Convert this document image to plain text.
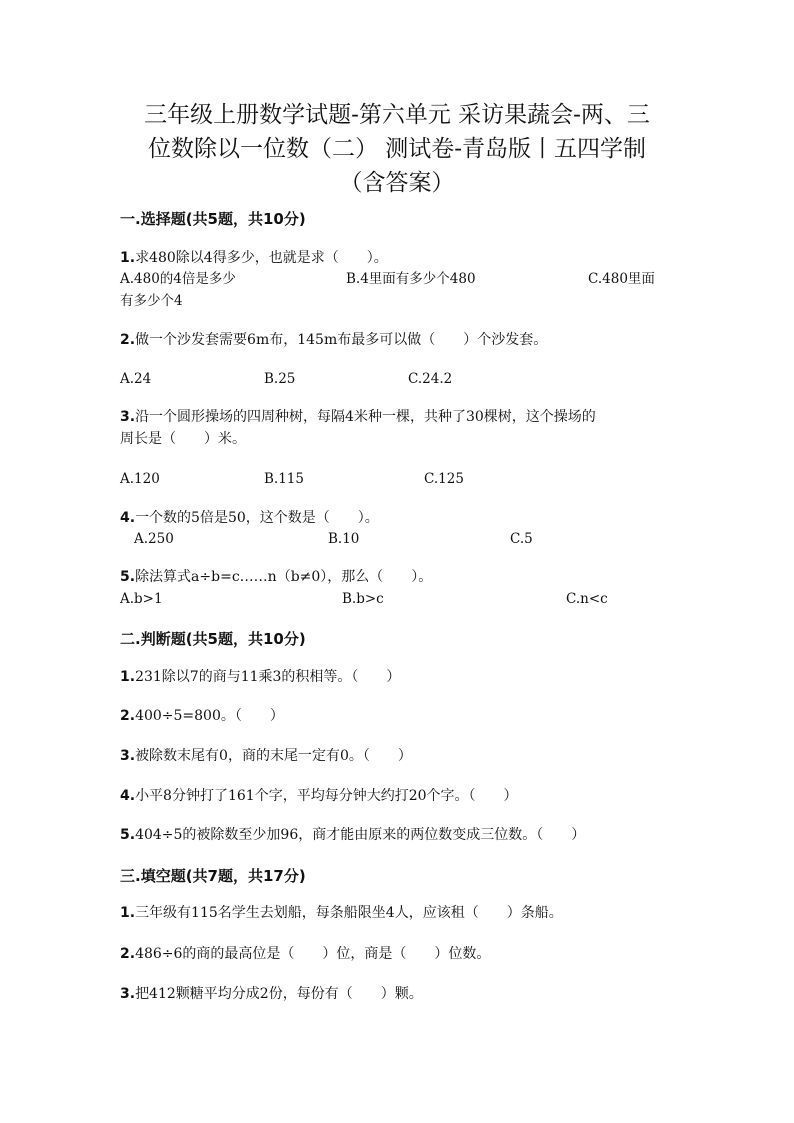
三年级上册数学试题-第六单元 采访果蔬会-两、三
位数除以一位数（二） 测试卷-青岛版丨五四学制
（含答案）
一.选择题(共5题，共10分)
1.求480除以4得多少，也就是求（　　）。
A.480的4倍是多少	B.4里面有多少个480	C.480里面
有多少个4
2.做一个沙发套需要6m布，145m布最多可以做（　　）个沙发套。
A.24	B.25	C.24.2
3.沿一个圆形操场的四周种树，每隔4米种一棵，共种了30棵树，这个操场的
周长是（　　）米。
A.120	B.115	C.125
4.一个数的5倍是50，这个数是（　　）。
A.250	B.10	C.5
5.除法算式a÷b=c……n（b≠0），那么（　　）。
A.b>1	B.b>c	C.n<c
二.判断题(共5题，共10分)
1.231除以7的商与11乘3的积相等。（　　）
2.400÷5=800。（　　）
3.被除数末尾有0，商的末尾一定有0。（　　）
4.小平8分钟打了161个字，平均每分钟大约打20个字。（　　）
5.404÷5的被除数至少加96，商才能由原来的两位数变成三位数。（　　）
三.填空题(共7题，共17分)
1.三年级有115名学生去划船，每条船限坐4人，应该租（　　）条船。
2.486÷6的商的最高位是（　　）位，商是（　　）位数。
3.把412颗糖平均分成2份，每份有（　　）颗。
